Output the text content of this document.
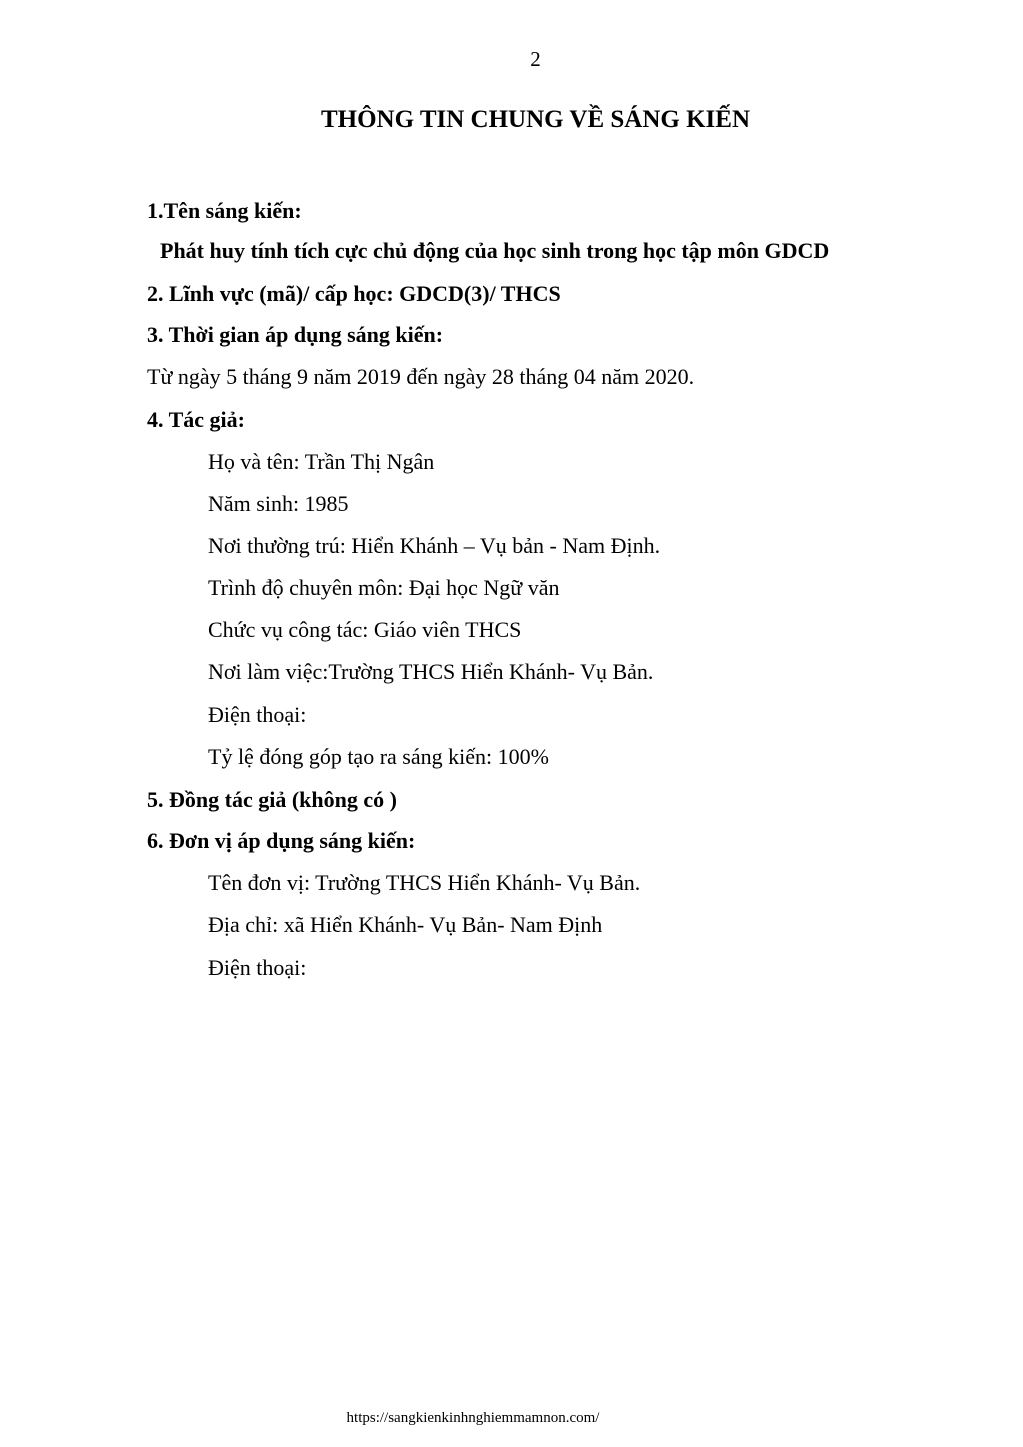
2
THÔNG TIN CHUNG VỀ SÁNG KIẾN
1.Tên sáng kiến:
Phát huy tính tích cực chủ động của học sinh trong học tập môn GDCD
2. Lĩnh vực (mã)/ cấp học: GDCD(3)/ THCS
3. Thời gian áp dụng sáng kiến:
Từ ngày 5 tháng 9 năm 2019 đến ngày 28 tháng 04 năm 2020.
4. Tác giả:
Họ và tên: Trần Thị Ngân
Năm sinh: 1985
Nơi thường trú: Hiển Khánh – Vụ bản - Nam Định.
Trình độ chuyên môn: Đại học Ngữ văn
Chức vụ công tác: Giáo viên THCS
Nơi làm việc:Trường THCS Hiển Khánh- Vụ Bản.
Điện thoại:
Tỷ lệ đóng góp tạo ra sáng kiến: 100%
5. Đồng tác giả (không có )
6. Đơn vị áp dụng sáng kiến:
Tên đơn vị: Trường THCS Hiển Khánh- Vụ Bản.
Địa chỉ: xã Hiển Khánh- Vụ Bản- Nam Định
Điện thoại:
https://sangkienkinhnghiemmamnon.com/
